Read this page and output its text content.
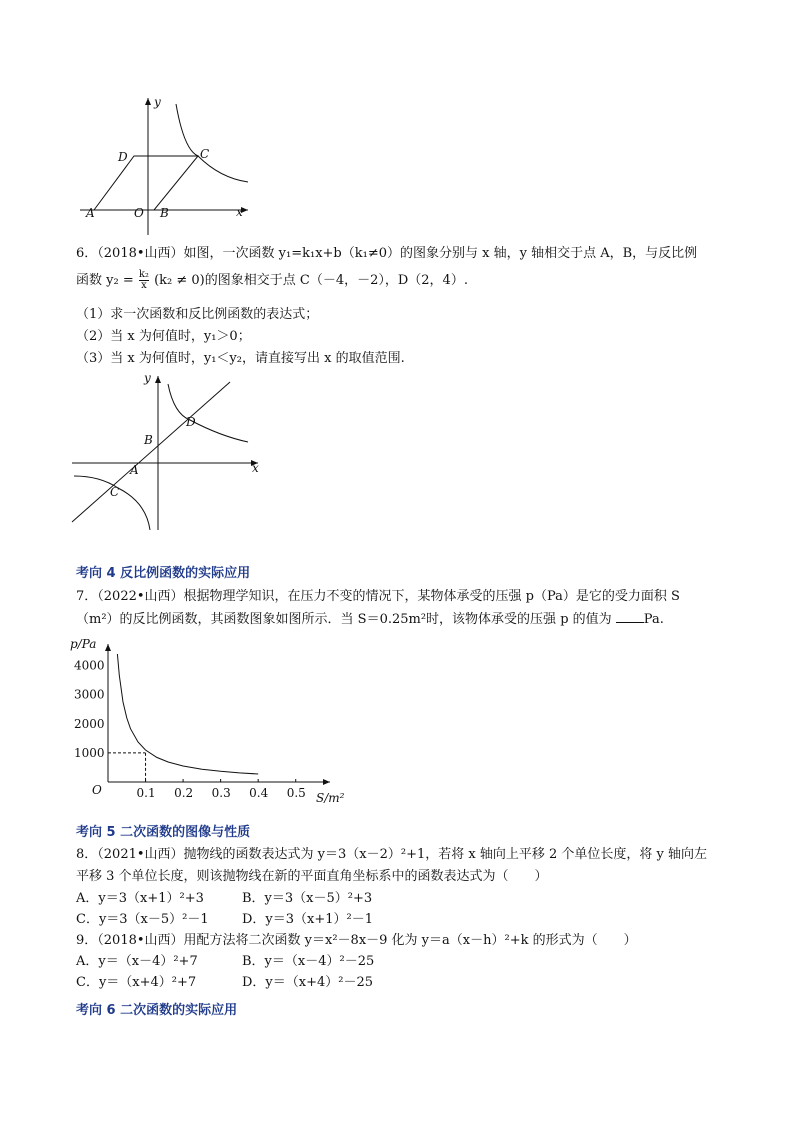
y
x
D	C
A	O B
6．（2018•山西）如图，一次函数 y₁=k₁x+b（k₁≠0）的图象分别与 x 轴，y 轴相交于点 A，B，与反比例
函数 $y_2 = \frac{\text{k₂}}{x} (k_2 \ne 0)$的图象相交于点 C（－4，－2），D（2，4）.
（1）求一次函数和反比例函数的表达式；
（2）当 x 为何值时，y₁＞0；
（3）当 x 为何值时，y₁＜y₂，请直接写出 x 的取值范围.
y
x
B
D
A
C
考向 4 反比例函数的实际应用
7．（2022•山西）根据物理学知识，在压力不变的情况下，某物体承受的压强 p（Pa）是它的受力面积 S
（m²）的反比例函数，其函数图象如图所示．当 S＝0.25m²时，该物体承受的压强 p 的值为 Pa.
0.1 0.2 0.3 0.4 0.5
1000
2000
3000
4000
p/Pa
S/m²
O
考向 5 二次函数的图像与性质
8．（2021•山西）抛物线的函数表达式为 y＝3（x－2）²+1，若将 x 轴向上平移 2 个单位长度，将 y 轴向左
平移 3 个单位长度，则该抛物线在新的平面直角坐标系中的函数表达式为（　　）
A．y＝3（x+1）²+3	B．y＝3（x－5）²+3
C．y＝3（x－5）²－1	D．y＝3（x+1）²－1
9．（2018•山西）用配方法将二次函数 y＝x²－8x－9 化为 y＝a（x－h）²+k 的形式为（　　）
A．y＝（x－4）²+7	B．y＝（x－4）²－25
C．y＝（x+4）²+7	D．y＝（x+4）²－25
考向 6 二次函数的实际应用
